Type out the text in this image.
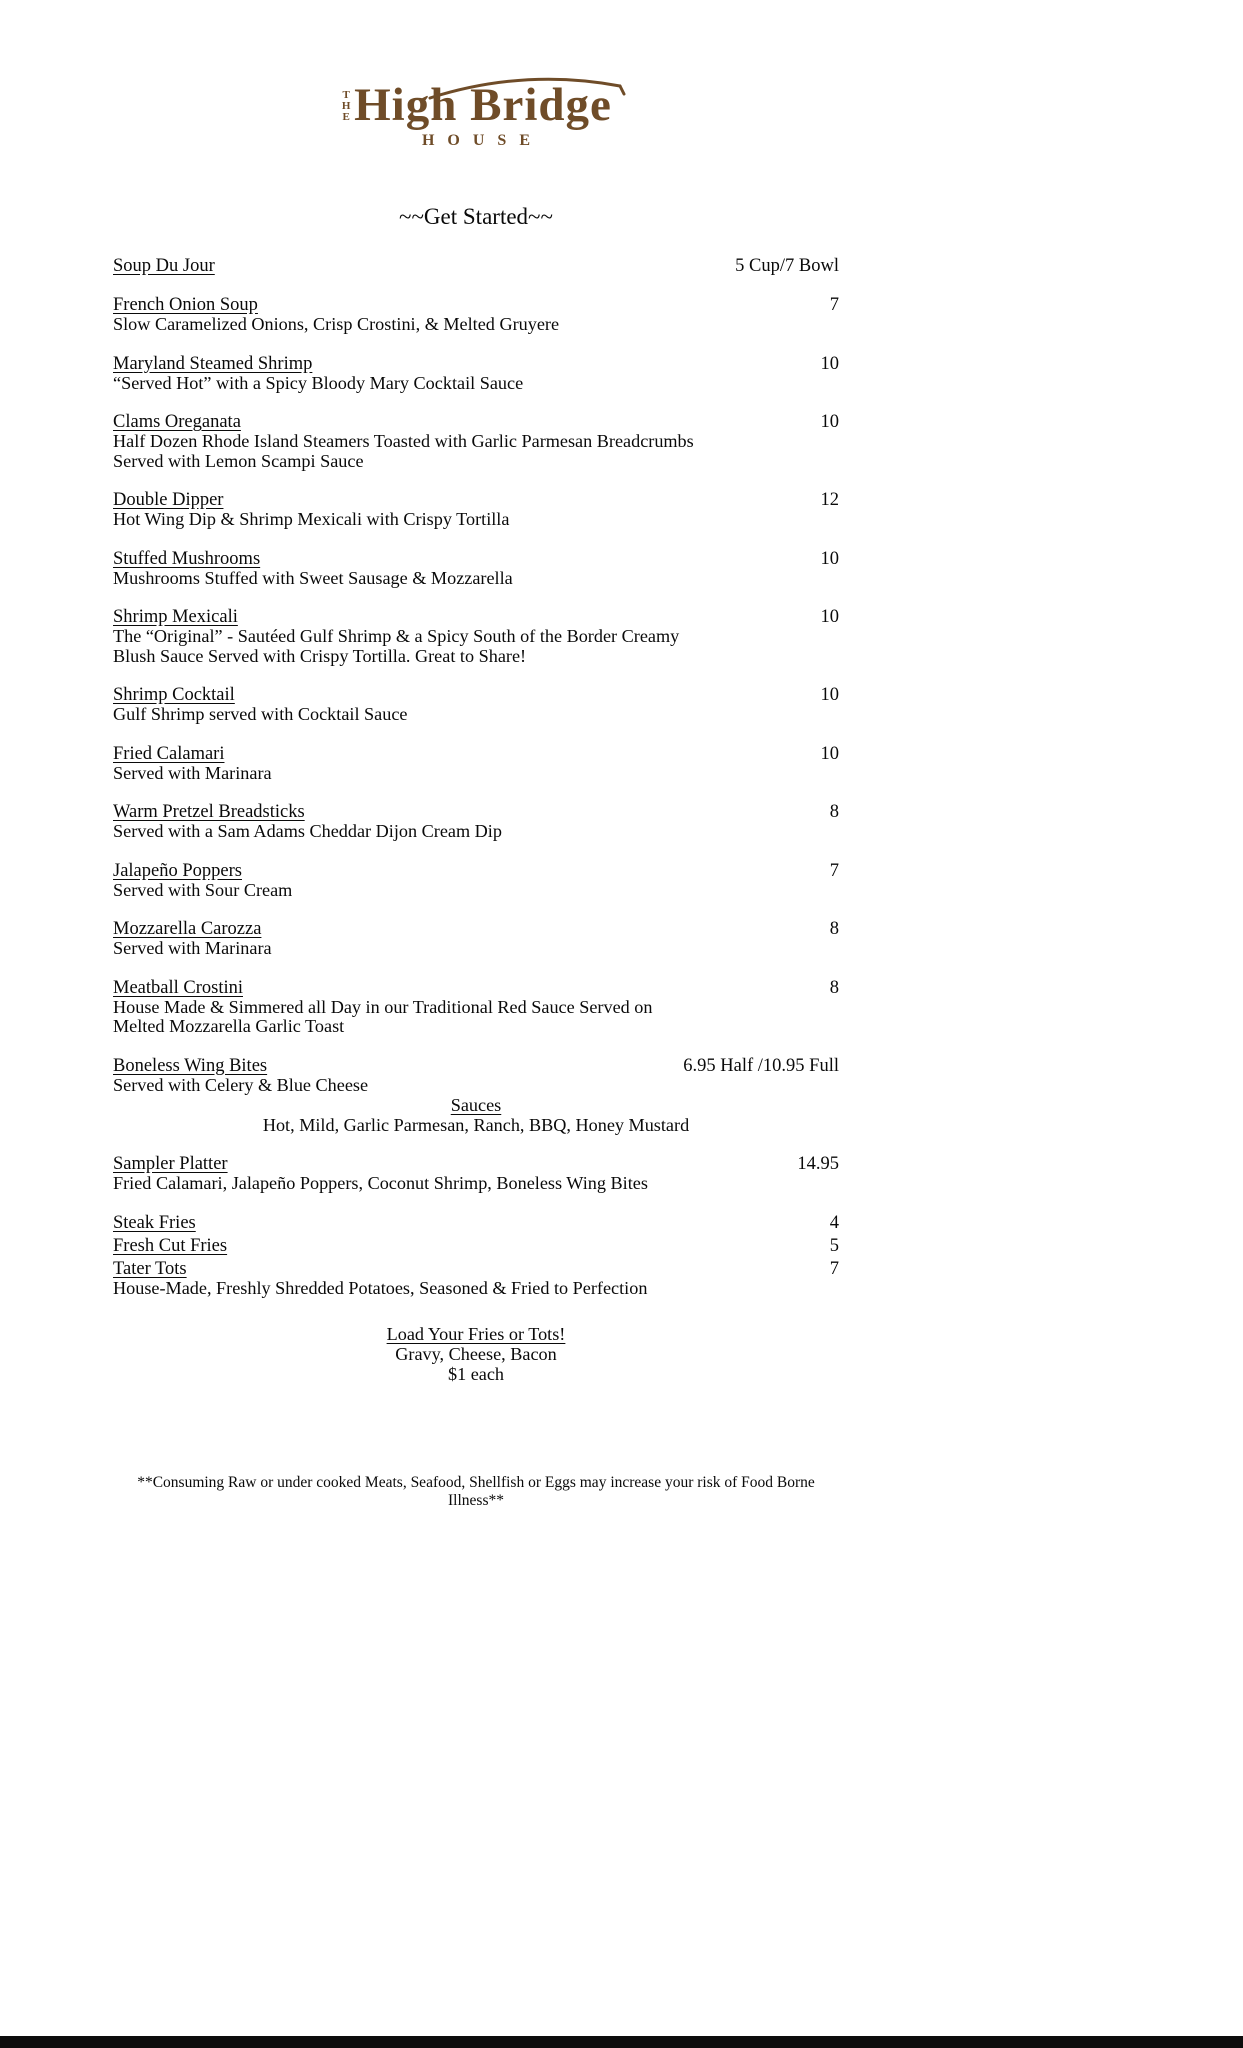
THE High Bridge
HOUSE
~~Get Started~~
Soup Du Jour	5 Cup/7 Bowl
French Onion Soup	7
Slow Caramelized Onions, Crisp Crostini, & Melted Gruyere
Maryland Steamed Shrimp	10
“Served Hot” with a Spicy Bloody Mary Cocktail Sauce
Clams Oreganata	10
Half Dozen Rhode Island Steamers Toasted with Garlic Parmesan Breadcrumbs
Served with Lemon Scampi Sauce
Double Dipper	12
Hot Wing Dip & Shrimp Mexicali with Crispy Tortilla
Stuffed Mushrooms	10
Mushrooms Stuffed with Sweet Sausage & Mozzarella
Shrimp Mexicali	10
The “Original” - Sautéed Gulf Shrimp & a Spicy South of the Border Creamy
Blush Sauce Served with Crispy Tortilla. Great to Share!
Shrimp Cocktail	10
Gulf Shrimp served with Cocktail Sauce
Fried Calamari	10
Served with Marinara
Warm Pretzel Breadsticks	8
Served with a Sam Adams Cheddar Dijon Cream Dip
Jalapeño Poppers	7
Served with Sour Cream
Mozzarella Carozza	8
Served with Marinara
Meatball Crostini	8
House Made & Simmered all Day in our Traditional Red Sauce Served on
Melted Mozzarella Garlic Toast
Boneless Wing Bites	6.95 Half /10.95 Full
Served with Celery & Blue Cheese
Sauces
Hot, Mild, Garlic Parmesan, Ranch, BBQ, Honey Mustard
Sampler Platter	14.95
Fried Calamari, Jalapeño Poppers, Coconut Shrimp, Boneless Wing Bites
Steak Fries	4
Fresh Cut Fries	5
Tater Tots	7
House-Made, Freshly Shredded Potatoes, Seasoned & Fried to Perfection
Load Your Fries or Tots!
Gravy, Cheese, Bacon
$1 each
**Consuming Raw or under cooked Meats, Seafood, Shellfish or Eggs may increase your risk of Food Borne Illness**
